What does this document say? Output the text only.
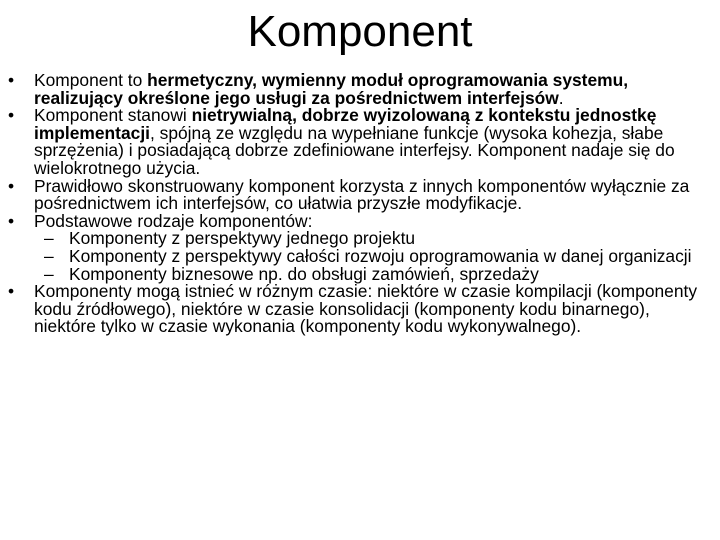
Komponent
• Komponent to hermetyczny, wymienny moduł oprogramowania systemu, realizujący określone jego usługi za pośrednictwem interfejsów.
• Komponent stanowi nietrywialną, dobrze wyizolowaną z kontekstu jednostkę implementacji, spójną ze względu na wypełniane funkcje (wysoka kohezja, słabe sprzężenia) i posiadającą dobrze zdefiniowane interfejsy. Komponent nadaje się do wielokrotnego użycia.
• Prawidłowo skonstruowany komponent korzysta z innych komponentów wyłącznie za pośrednictwem ich interfejsów, co ułatwia przyszłe modyfikacje.
• Podstawowe rodzaje komponentów:
– Komponenty z perspektywy jednego projektu
– Komponenty z perspektywy całości rozwoju oprogramowania w danej organizacji
– Komponenty biznesowe np. do obsługi zamówień, sprzedaży
• Komponenty mogą istnieć w różnym czasie: niektóre w czasie kompilacji (komponenty kodu źródłowego), niektóre w czasie konsolidacji (komponenty kodu binarnego), niektóre tylko w czasie wykonania (komponenty kodu wykonywalnego).
